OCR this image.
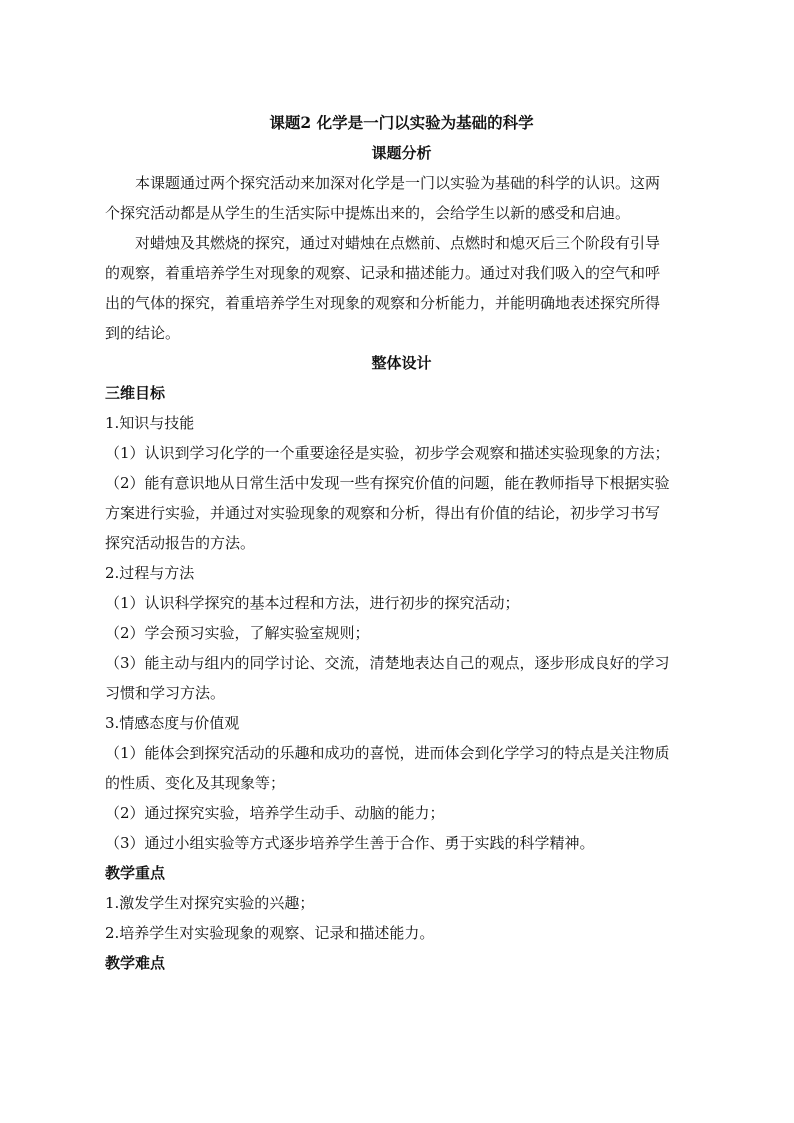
课题2 化学是一门以实验为基础的科学
课题分析
本课题通过两个探究活动来加深对化学是一门以实验为基础的科学的认识。这两
个探究活动都是从学生的生活实际中提炼出来的，会给学生以新的感受和启迪。
对蜡烛及其燃烧的探究，通过对蜡烛在点燃前、点燃时和熄灭后三个阶段有引导
的观察，着重培养学生对现象的观察、记录和描述能力。通过对我们吸入的空气和呼
出的气体的探究，着重培养学生对现象的观察和分析能力，并能明确地表述探究所得
到的结论。
整体设计
三维目标
1.知识与技能
（1）认识到学习化学的一个重要途径是实验，初步学会观察和描述实验现象的方法；
（2）能有意识地从日常生活中发现一些有探究价值的问题，能在教师指导下根据实验
方案进行实验，并通过对实验现象的观察和分析，得出有价值的结论，初步学习书写
探究活动报告的方法。
2.过程与方法
（1）认识科学探究的基本过程和方法，进行初步的探究活动；
（2）学会预习实验，了解实验室规则；
（3）能主动与组内的同学讨论、交流，清楚地表达自己的观点，逐步形成良好的学习
习惯和学习方法。
3.情感态度与价值观
（1）能体会到探究活动的乐趣和成功的喜悦，进而体会到化学学习的特点是关注物质
的性质、变化及其现象等；
（2）通过探究实验，培养学生动手、动脑的能力；
（3）通过小组实验等方式逐步培养学生善于合作、勇于实践的科学精神。
教学重点
1.激发学生对探究实验的兴趣；
2.培养学生对实验现象的观察、记录和描述能力。
教学难点
